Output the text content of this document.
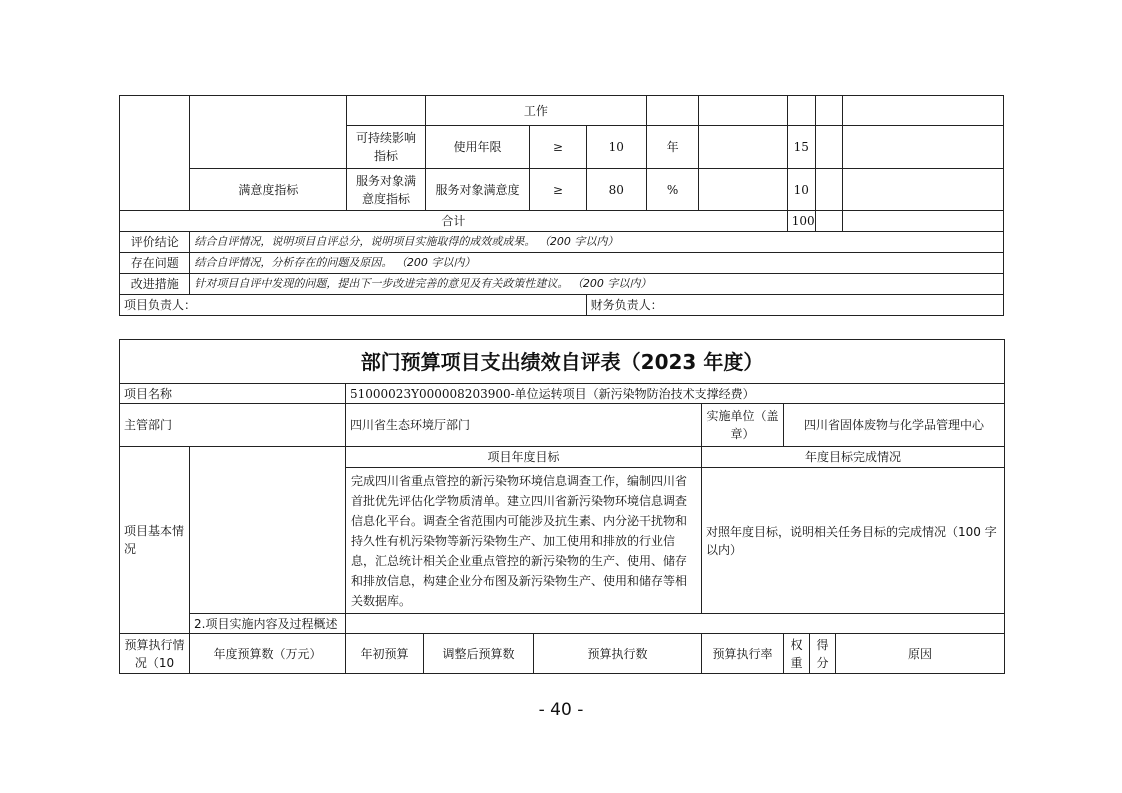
			工作							
		可持续影响指标	使用年限	≥	10	年		15		
	满意度指标	服务对象满意度指标	服务对象满意度	≥	80	%		10		
合计								100		
评价结论	结合自评情况，说明项目自评总分，说明项目实施取得的成效或成果。 （200 字以内）									
存在问题	结合自评情况，分析存在的问题及原因。 （200 字以内）									
改进措施	针对项目自评中发现的问题，提出下一步改进完善的意见及有关政策性建议。 （200 字以内）									
项目负责人：					财务负责人：					
部门预算项目支出绩效自评表（2023 年度）								
项目名称		51000023Y000008203900-单位运转项目（新污染物防治技术支撑经费）						
主管部门		四川省生态环境厅部门			实施单位（盖章）	四川省固体废物与化学品管理中心		
项目基本情况		项目年度目标			年度目标完成情况			
		完成四川省重点管控的新污染物环境信息调查工作，编制四川省首批优先评估化学物质清单。建立四川省新污染物环境信息调查信息化平台。调查全省范围内可能涉及抗生素、内分泌干扰物和持久性有机污染物等新污染物生产、加工使用和排放的行业信息，汇总统计相关企业重点管控的新污染物的生产、使用、储存和排放信息，构建企业分布图及新污染物生产、使用和储存等相关数据库。			对照年度目标，说明相关任务目标的完成情况（100 字以内）			
	2.项目实施内容及过程概述							
预算执行情况（10	年度预算数（万元）	年初预算	调整后预算数	预算执行数	预算执行率	权重	得分	原因
- 40 -
